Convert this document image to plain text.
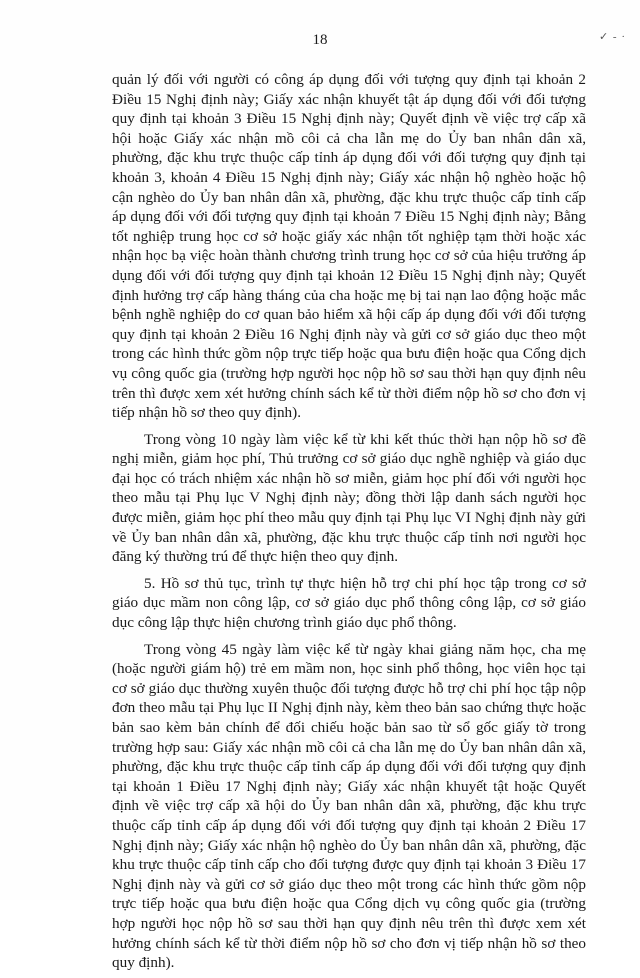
18	✓ - ·

quản lý đối với người có công áp dụng đối với tượng quy định tại khoản 2 Điều 15 Nghị định này; Giấy xác nhận khuyết tật áp dụng đối với đối tượng quy định tại khoản 3 Điều 15 Nghị định này; Quyết định về việc trợ cấp xã hội hoặc Giấy xác nhận mồ côi cả cha lẫn mẹ do Ủy ban nhân dân xã, phường, đặc khu trực thuộc cấp tỉnh áp dụng đối với đối tượng quy định tại khoản 3, khoản 4 Điều 15 Nghị định này; Giấy xác nhận hộ nghèo hoặc hộ cận nghèo do Ủy ban nhân dân xã, phường, đặc khu trực thuộc cấp tỉnh cấp áp dụng đối với đối tượng quy định tại khoản 7 Điều 15 Nghị định này; Bằng tốt nghiệp trung học cơ sở hoặc giấy xác nhận tốt nghiệp tạm thời hoặc xác nhận học bạ việc hoàn thành chương trình trung học cơ sở của hiệu trưởng áp dụng đối với đối tượng quy định tại khoản 12 Điều 15 Nghị định này; Quyết định hưởng trợ cấp hàng tháng của cha hoặc mẹ bị tai nạn lao động hoặc mắc bệnh nghề nghiệp do cơ quan bảo hiểm xã hội cấp áp dụng đối với đối tượng quy định tại khoản 2 Điều 16 Nghị định này và gửi cơ sở giáo dục theo một trong các hình thức gồm nộp trực tiếp hoặc qua bưu điện hoặc qua Cổng dịch vụ công quốc gia (trường hợp người học nộp hồ sơ sau thời hạn quy định nêu trên thì được xem xét hưởng chính sách kể từ thời điểm nộp hồ sơ cho đơn vị tiếp nhận hồ sơ theo quy định).

Trong vòng 10 ngày làm việc kể từ khi kết thúc thời hạn nộp hồ sơ đề nghị miễn, giảm học phí, Thủ trưởng cơ sở giáo dục nghề nghiệp và giáo dục đại học có trách nhiệm xác nhận hồ sơ miễn, giảm học phí đối với người học theo mẫu tại Phụ lục V Nghị định này; đồng thời lập danh sách người học được miễn, giảm học phí theo mẫu quy định tại Phụ lục VI Nghị định này gửi về Ủy ban nhân dân xã, phường, đặc khu trực thuộc cấp tỉnh nơi người học đăng ký thường trú để thực hiện theo quy định.

5. Hồ sơ thủ tục, trình tự thực hiện hỗ trợ chi phí học tập trong cơ sở giáo dục mầm non công lập, cơ sở giáo dục phổ thông công lập, cơ sở giáo dục công lập thực hiện chương trình giáo dục phổ thông.

Trong vòng 45 ngày làm việc kể từ ngày khai giảng năm học, cha mẹ (hoặc người giám hộ) trẻ em mầm non, học sinh phổ thông, học viên học tại cơ sở giáo dục thường xuyên thuộc đối tượng được hỗ trợ chi phí học tập nộp đơn theo mẫu tại Phụ lục II Nghị định này, kèm theo bản sao chứng thực hoặc bản sao kèm bản chính để đối chiếu hoặc bản sao từ sổ gốc giấy tờ trong trường hợp sau: Giấy xác nhận mồ côi cả cha lẫn mẹ do Ủy ban nhân dân xã, phường, đặc khu trực thuộc cấp tỉnh cấp áp dụng đối với đối tượng quy định tại khoản 1 Điều 17 Nghị định này; Giấy xác nhận khuyết tật hoặc Quyết định về việc trợ cấp xã hội do Ủy ban nhân dân xã, phường, đặc khu trực thuộc cấp tỉnh cấp áp dụng đối với đối tượng quy định tại khoản 2 Điều 17 Nghị định này; Giấy xác nhận hộ nghèo do Ủy ban nhân dân xã, phường, đặc khu trực thuộc cấp tỉnh cấp cho đối tượng được quy định tại khoản 3 Điều 17 Nghị định này và gửi cơ sở giáo dục theo một trong các hình thức gồm nộp trực tiếp hoặc qua bưu điện hoặc qua Cổng dịch vụ công quốc gia (trường hợp người học nộp hồ sơ sau thời hạn quy định nêu trên thì được xem xét hưởng chính sách kể từ thời điểm nộp hồ sơ cho đơn vị tiếp nhận hồ sơ theo quy định).
